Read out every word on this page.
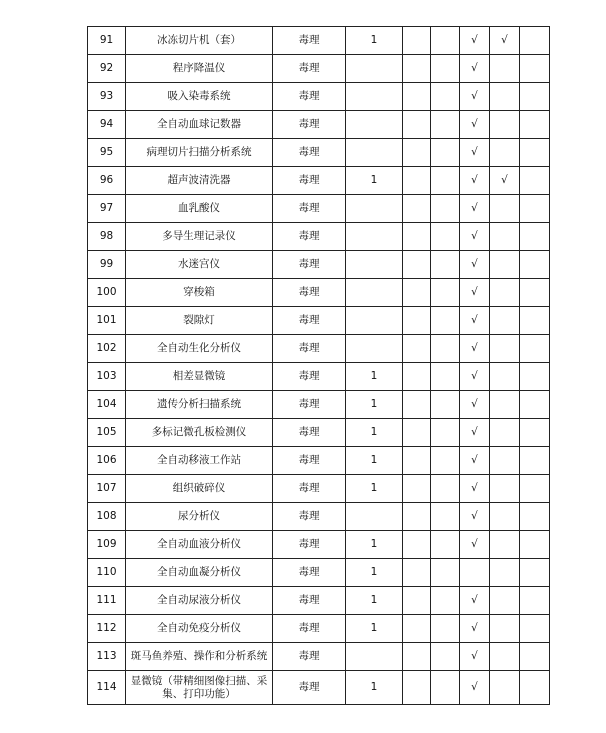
91	冰冻切片机（套）	毒理	1			√	√	
92	程序降温仪	毒理				√		
93	吸入染毒系统	毒理				√		
94	全自动血球记数器	毒理				√		
95	病理切片扫描分析系统	毒理				√		
96	超声波清洗器	毒理	1			√	√	
97	血乳酸仪	毒理				√		
98	多导生理记录仪	毒理				√		
99	水迷宫仪	毒理				√		
100	穿梭箱	毒理				√		
101	裂隙灯	毒理				√		
102	全自动生化分析仪	毒理				√		
103	相差显微镜	毒理	1			√		
104	遗传分析扫描系统	毒理	1			√		
105	多标记微孔板检测仪	毒理	1			√		
106	全自动移液工作站	毒理	1			√		
107	组织破碎仪	毒理	1			√		
108	尿分析仪	毒理				√		
109	全自动血液分析仪	毒理	1			√		
110	全自动血凝分析仪	毒理	1					
111	全自动尿液分析仪	毒理	1			√		
112	全自动免疫分析仪	毒理	1			√		
113	斑马鱼养殖、操作和分析系统	毒理				√		
114	显微镜（带精细图像扫描、采集、打印功能）	毒理	1			√		
